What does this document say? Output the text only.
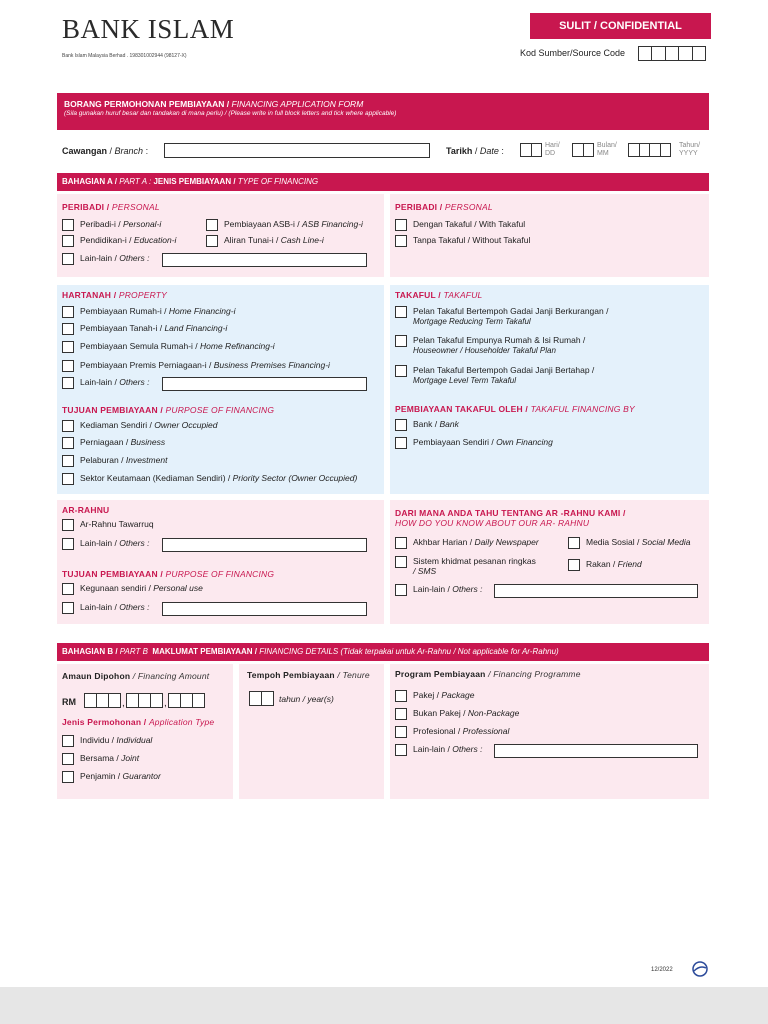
BANK ISLAM
Bank Islam Malaysia Berhad . 198301002944 (98127-X)
SULIT / CONFIDENTIAL
Kod Sumber/Source Code
BORANG PERMOHONAN PEMBIAYAAN / FINANCING APPLICATION FORM
(Sila gunakan huruf besar dan tandakan di mana perlu) / (Please write in full block letters and tick where applicable)
Cawangan / Branch :	Tarikh / Date :
Hari/ DD
Bulan/ MM
Tahun/ YYYY
BAHAGIAN A / PART A : JENIS PEMBIAYAAN / TYPE OF FINANCING
PERIBADI / PERSONAL
Peribadi-i / Personal-i
Pendidikan-i / Education-i
Lain-lain / Others :
Pembiayaan ASB-i / ASB Financing-i
Aliran Tunai-i / Cash Line-i
PERIBADI / PERSONAL
Dengan Takaful / With Takaful
Tanpa Takaful / Without Takaful
HARTANAH / PROPERTY
Pembiayaan Rumah-i / Home Financing-i
Pembiayaan Tanah-i / Land Financing-i
Pembiayaan Semula Rumah-i / Home Refinancing-i
Pembiayaan Premis Perniagaan-i / Business Premises Financing-i
Lain-lain / Others :
TUJUAN PEMBIAYAAN / PURPOSE OF FINANCING
Kediaman Sendiri / Owner Occupied
Perniagaan / Business
Pelaburan / Investment
Sektor Keutamaan (Kediaman Sendiri) / Priority Sector (Owner Occupied)
TAKAFUL / TAKAFUL
Pelan Takaful Bertempoh Gadai Janji Berkurangan /
Mortgage Reducing Term Takaful
Pelan Takaful Empunya Rumah & Isi Rumah /
Houseowner / Householder Takaful Plan
Pelan Takaful Bertempoh Gadai Janji Bertahap /
Mortgage Level Term Takaful
PEMBIAYAAN TAKAFUL OLEH / TAKAFUL FINANCING BY
Bank / Bank
Pembiayaan Sendiri / Own Financing
AR-RAHNU
Ar-Rahnu Tawarruq
Lain-lain / Others :
TUJUAN PEMBIAYAAN / PURPOSE OF FINANCING
Kegunaan sendiri / Personal use
Lain-lain / Others :
DARI MANA ANDA TAHU TENTANG AR -RAHNU KAMI /
HOW DO YOU KNOW ABOUT OUR AR- RAHNU
Akhbar Harian / Daily Newspaper
Sistem khidmat pesanan ringkas
/ SMS
Lain-lain / Others :
Media Sosial / Social Media
Rakan / Friend
BAHAGIAN B / PART B MAKLUMAT PEMBIAYAAN / FINANCING DETAILS (Tidak terpakai untuk Ar-Rahnu / Not applicable for Ar-Rahnu)
Amaun Dipohon / Financing Amount
RM	,	,
Jenis Permohonan / Application Type
Individu / Individual
Bersama / Joint
Penjamin / Guarantor
Tempoh Pembiayaan / Tenure
tahun / year(s)
Program Pembiayaan / Financing Programme
Pakej / Package
Bukan Pakej / Non-Package
Profesional / Professional
Lain-lain / Others :
12/2022
